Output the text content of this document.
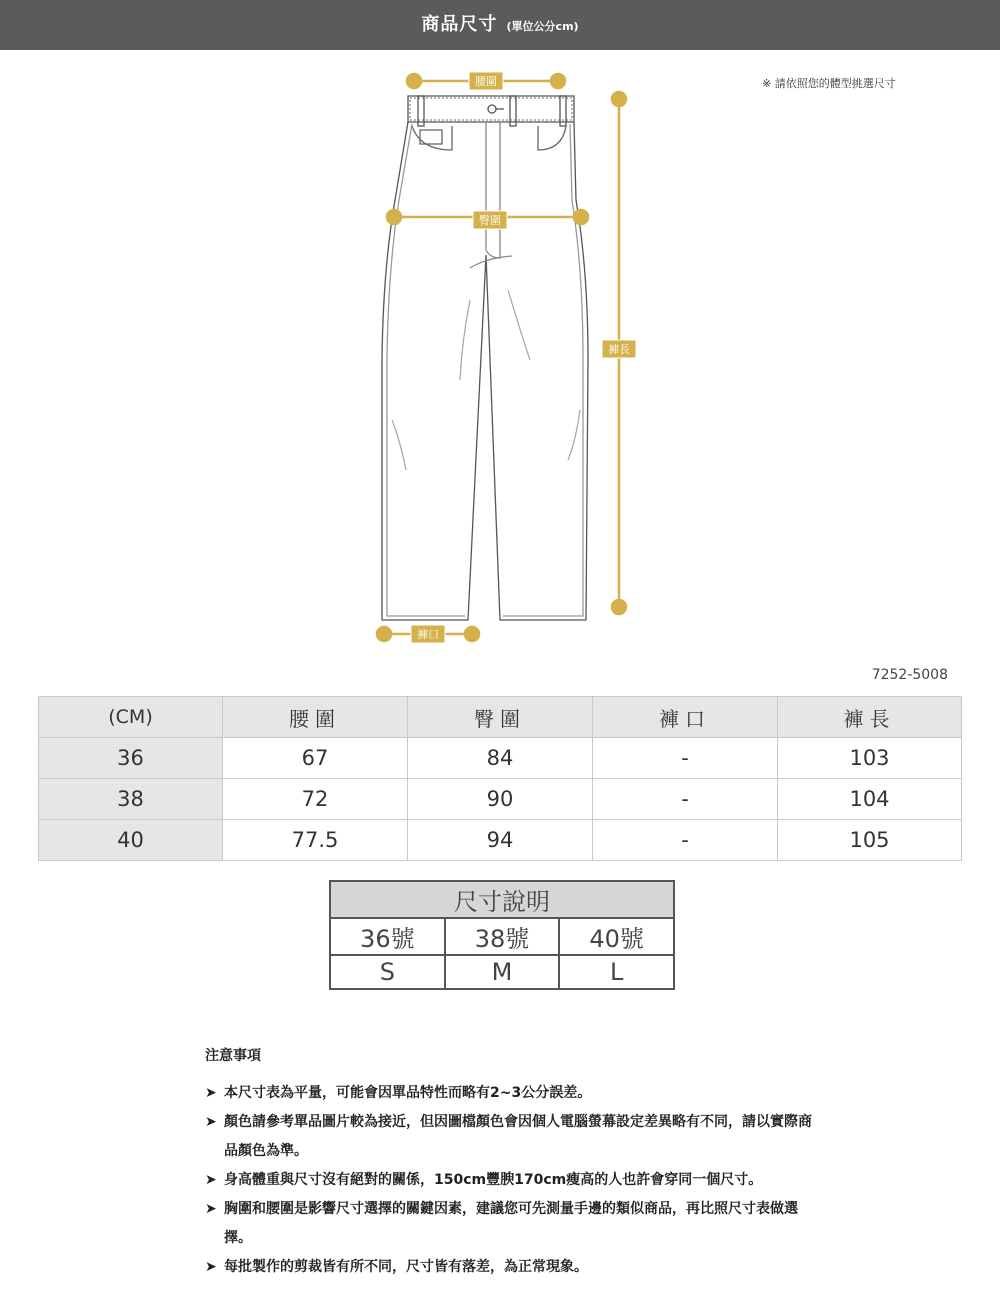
商品尺寸 (單位公分cm)
※ 請依照您的體型挑選尺寸
腰圍
臀圍
褲長
褲口
7252-5008
(CM)	腰圍	臀圍	褲口	褲長
36	67	84	-	103
38	72	90	-	104
40	77.5	94	-	105
尺寸說明		
36號	38號	40號
S	M	L
注意事項
➤ 本尺寸表為平量，可能會因單品特性而略有2~3公分誤差。
➤ 顏色請參考單品圖片較為接近，但因圖檔顏色會因個人電腦螢幕設定差異略有不同，請以實際商品顏色為準。
➤ 身高體重與尺寸沒有絕對的關係，150cm豐腴170cm瘦高的人也許會穿同一個尺寸。
➤ 胸圍和腰圍是影響尺寸選擇的關鍵因素，建議您可先測量手邊的類似商品，再比照尺寸表做選擇。
➤ 每批製作的剪裁皆有所不同，尺寸皆有落差，為正常現象。
